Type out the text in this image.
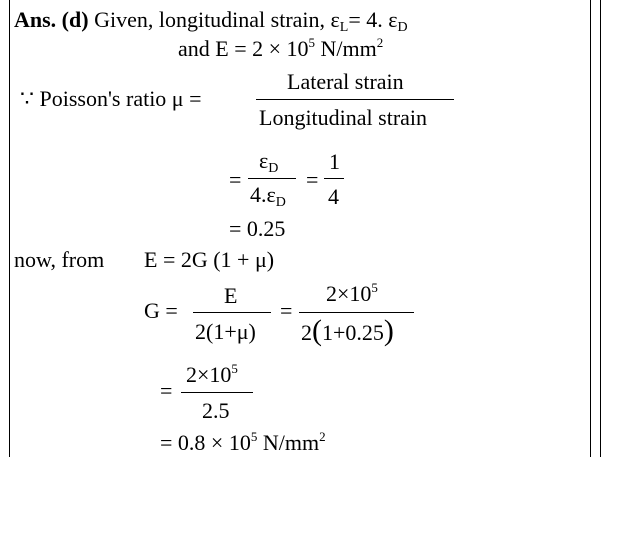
Ans. (d) Given, longitudinal strain, $\varepsilon_L= 4$. $\varepsilon_D$
and $E = 2 \times 10^5$ $N/mm^2$
∵ Poisson's ratio μ =
Lateral strain
Longitudinal strain
=
$\varepsilon_D$
$4.\varepsilon_D$
=
1
4
= 0.25
now, from E = 2G (1 + μ)
G =
E
2(1+μ)
=
$2\times 10^5$
2(1+0.25)
=
$2\times 10^5$
2.5
= $0.8 \times 10^5$ $N/mm^2$
